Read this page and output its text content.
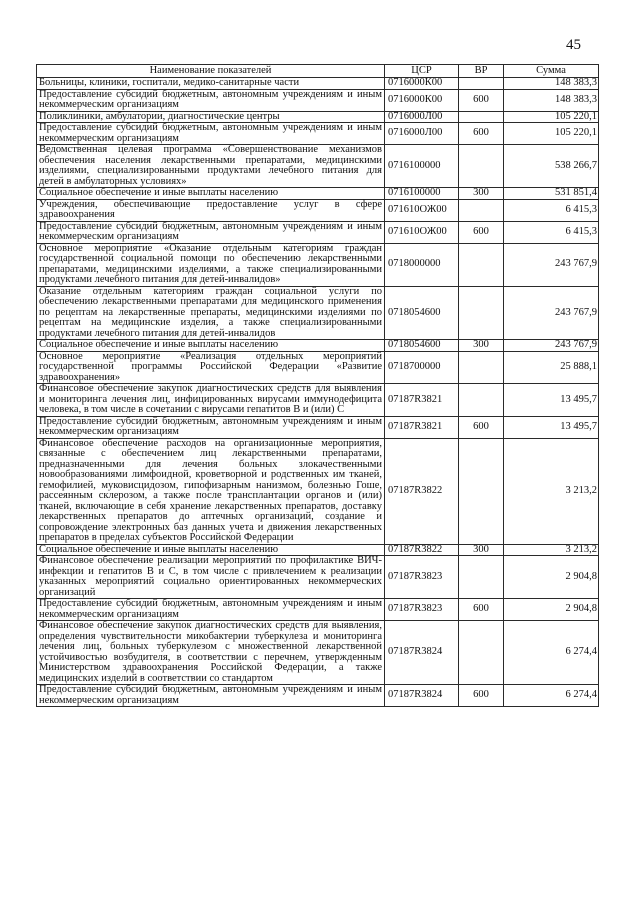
45
Наименование показателей	ЦСР	ВР	Сумма
Больницы, клиники, госпитали, медико-санитарные части	0716000К00		148 383,3
Предоставление субсидий бюджетным, автономным учреждениям и иным некоммерческим организациям	0716000К00	600	148 383,3
Поликлиники, амбулатории, диагностические центры	0716000Л00		105 220,1
Предоставление субсидий бюджетным, автономным учреждениям и иным некоммерческим организациям	0716000Л00	600	105 220,1
Ведомственная целевая программа «Совершенствование механизмов обеспечения населения лекарственными препаратами, медицинскими изделиями, специализированными продуктами лечебного питания для детей в амбулаторных условиях»	0716100000		538 266,7
Социальное обеспечение и иные выплаты населению	0716100000	300	531 851,4
Учреждения, обеспечивающие предоставление услуг в сфере здравоохранения	071610ОЖ00		6 415,3
Предоставление субсидий бюджетным, автономным учреждениям и иным некоммерческим организациям	071610ОЖ00	600	6 415,3
Основное мероприятие «Оказание отдельным категориям граждан государственной социальной помощи по обеспечению лекарственными препаратами, медицинскими изделиями, а также специализированными продуктами лечебного питания для детей-инвалидов»	0718000000		243 767,9
Оказание отдельным категориям граждан социальной услуги по обеспечению лекарственными препаратами для медицинского применения по рецептам на лекарственные препараты, медицинскими изделиями по рецептам на медицинские изделия, а также специализированными продуктами лечебного питания для детей-инвалидов	0718054600		243 767,9
Социальное обеспечение и иные выплаты населению	0718054600	300	243 767,9
Основное мероприятие «Реализация отдельных мероприятий государственной программы Российской Федерации «Развитие здравоохранения»	0718700000		25 888,1
Финансовое обеспечение закупок диагностических средств для выявления и мониторинга лечения лиц, инфицированных вирусами иммунодефицита человека, в том числе в сочетании с вирусами гепатитов В и (или) С	07187R3821		13 495,7
Предоставление субсидий бюджетным, автономным учреждениям и иным некоммерческим организациям	07187R3821	600	13 495,7
Финансовое обеспечение расходов на организационные мероприятия, связанные с обеспечением лиц лекарственными препаратами, предназначенными для лечения больных злокачественными новообразованиями лимфоидной, кроветворной и родственных им тканей, гемофилией, муковисцидозом, гипофизарным нанизмом, болезнью Гоше, рассеянным склерозом, а также после трансплантации органов и (или) тканей, включающие в себя хранение лекарственных препаратов, доставку лекарственных препаратов до аптечных организаций, создание и сопровождение электронных баз данных учета и движения лекарственных препаратов в пределах субъектов Российской Федерации	07187R3822		3 213,2
Социальное обеспечение и иные выплаты населению	07187R3822	300	3 213,2
Финансовое обеспечение реализации мероприятий по профилактике ВИЧ-инфекции и гепатитов В и С, в том числе с привлечением к реализации указанных мероприятий социально ориентированных некоммерческих организаций	07187R3823		2 904,8
Предоставление субсидий бюджетным, автономным учреждениям и иным некоммерческим организациям	07187R3823	600	2 904,8
Финансовое обеспечение закупок диагностических средств для выявления, определения чувствительности микобактерии туберкулеза и мониторинга лечения лиц, больных туберкулезом с множественной лекарственной устойчивостью возбудителя, в соответствии с перечнем, утвержденным Министерством здравоохранения Российской Федерации, а также медицинских изделий в соответствии со стандартом	07187R3824		6 274,4
Предоставление субсидий бюджетным, автономным учреждениям и иным некоммерческим организациям	07187R3824	600	6 274,4
